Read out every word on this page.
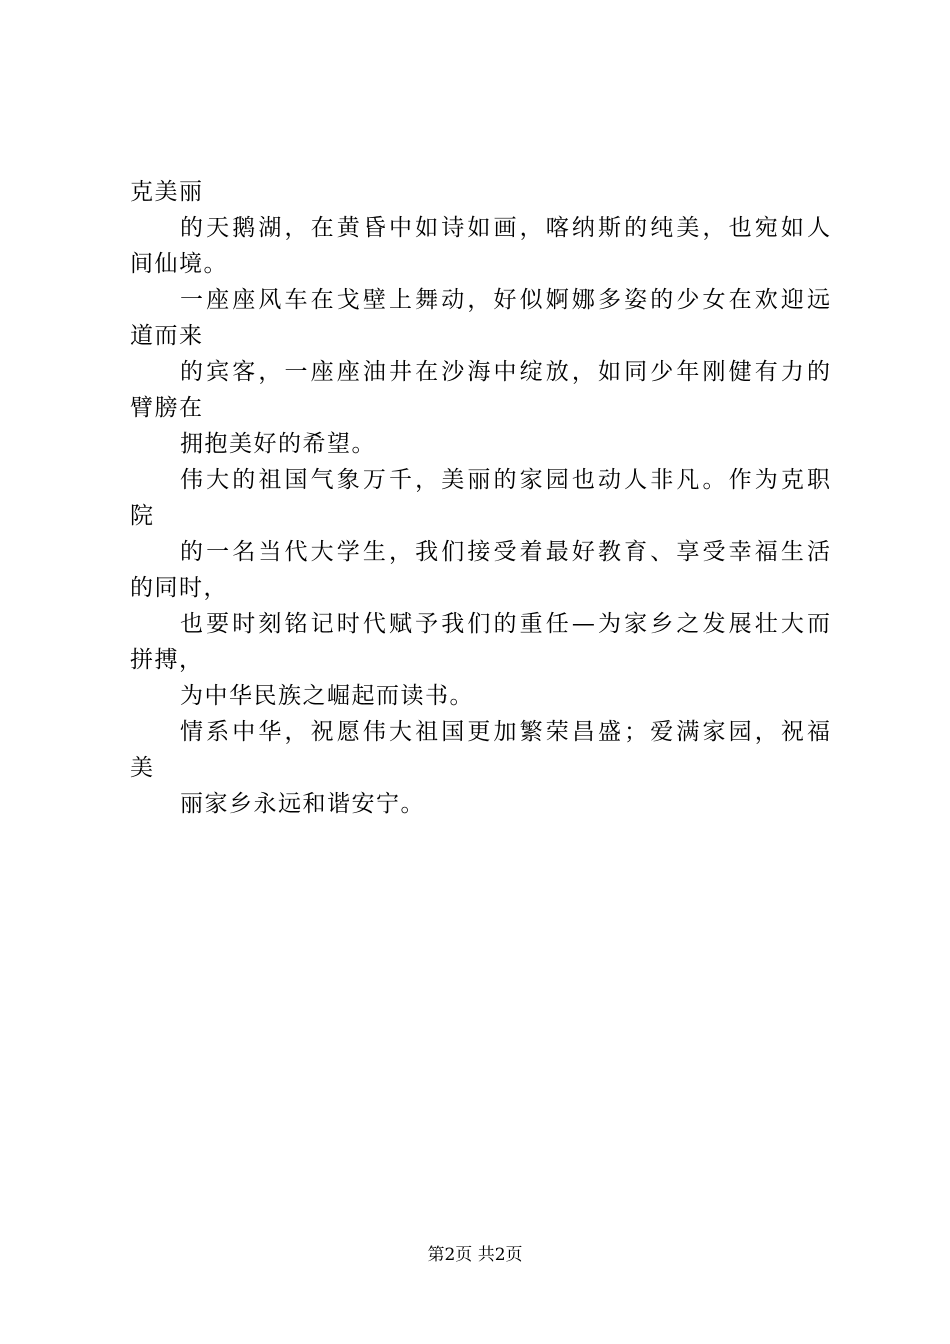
克美丽
的天鹅湖，在黄昏中如诗如画，喀纳斯的纯美，也宛如人
间仙境。
一座座风车在戈壁上舞动，好似婀娜多姿的少女在欢迎远
道而来
的宾客，一座座油井在沙海中绽放，如同少年刚健有力的
臂膀在
拥抱美好的希望。
伟大的祖国气象万千，美丽的家园也动人非凡。作为克职
院
的一名当代大学生，我们接受着最好教育、享受幸福生活
的同时，
也要时刻铭记时代赋予我们的重任—为家乡之发展壮大而
拼搏，
为中华民族之崛起而读书。
情系中华，祝愿伟大祖国更加繁荣昌盛；爱满家园，祝福
美
丽家乡永远和谐安宁。
第2页 共2页
